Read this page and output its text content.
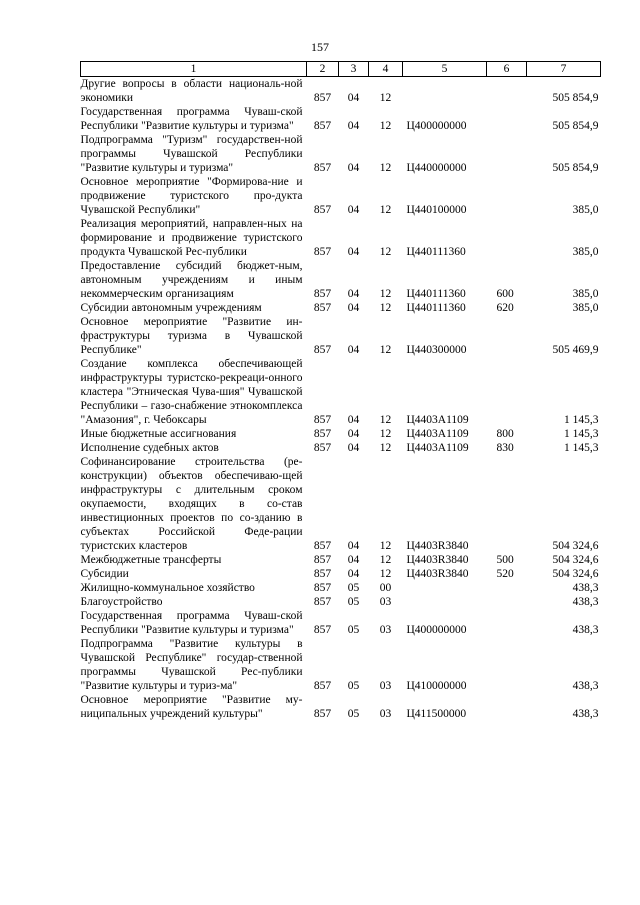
157
1	2	3	4	5	6	7
Другие вопросы в области националь-ной экономики	857	04	12			505 854,9
Государственная программа Чуваш-ской Республики "Развитие культуры и туризма"	857	04	12	Ц400000000		505 854,9
Подпрограмма "Туризм" государствен-ной программы Чувашской Республики "Развитие культуры и туризма"	857	04	12	Ц440000000		505 854,9
Основное мероприятие "Формирова-ние и продвижение туристского про-дукта Чувашской Республики"	857	04	12	Ц440100000		385,0
Реализация мероприятий, направлен-ных на формирование и продвижение туристского продукта Чувашской Рес-публики	857	04	12	Ц440111360		385,0
Предоставление субсидий бюджет-ным, автономным учреждениям и иным некоммерческим организациям	857	04	12	Ц440111360	600	385,0
Субсидии автономным учреждениям	857	04	12	Ц440111360	620	385,0
Основное мероприятие "Развитие ин-фраструктуры туризма в Чувашской Республике"	857	04	12	Ц440300000		505 469,9
Создание комплекса обеспечивающей инфраструктуры туристско-рекреаци-онного кластера "Этническая Чува-шия" Чувашской Республики – газо-снабжение этнокомплекса "Амазония", г. Чебоксары	857	04	12	Ц4403А1109		1 145,3
Иные бюджетные ассигнования	857	04	12	Ц4403А1109	800	1 145,3
Исполнение судебных актов	857	04	12	Ц4403А1109	830	1 145,3
Софинансирование строительства (ре-конструкции) объектов обеспечиваю-щей инфраструктуры с длительным сроком окупаемости, входящих в со-став инвестиционных проектов по со-зданию в субъектах Российской Феде-рации туристских кластеров	857	04	12	Ц4403R3840		504 324,6
Межбюджетные трансферты	857	04	12	Ц4403R3840	500	504 324,6
Субсидии	857	04	12	Ц4403R3840	520	504 324,6
Жилищно-коммунальное хозяйство	857	05	00			438,3
Благоустройство	857	05	03			438,3
Государственная программа Чуваш-ской Республики "Развитие культуры и туризма"	857	05	03	Ц400000000		438,3
Подпрограмма "Развитие культуры в Чувашской Республике" государ-ственной программы Чувашской Рес-публики "Развитие культуры и туриз-ма"	857	05	03	Ц410000000		438,3
Основное мероприятие "Развитие му-ниципальных учреждений культуры"	857	05	03	Ц411500000		438,3
